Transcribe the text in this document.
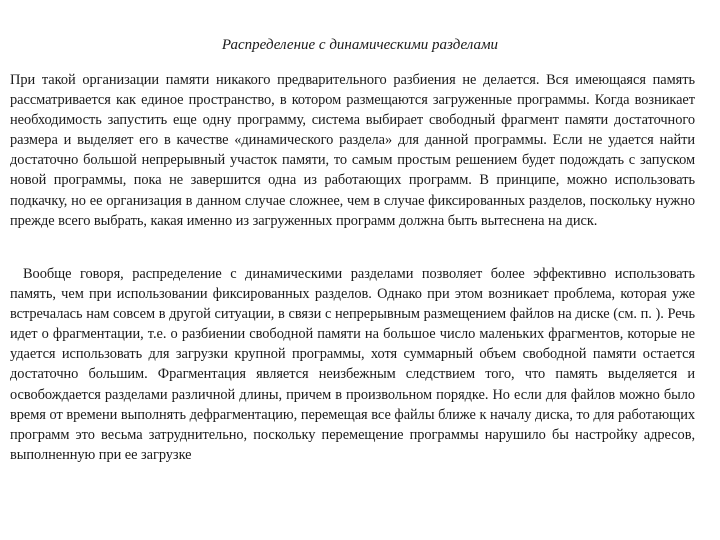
Распределение с динамическими разделами

При такой организации памяти никакого предварительного разбиения не делается. Вся имеющаяся память рассматривается как единое пространство, в котором размещаются загруженные программы. Когда возникает необходимость запустить еще одну программу, система выбирает свободный фрагмент памяти достаточного размера и выделяет его в качестве «динамического раздела» для данной программы. Если не удается найти достаточно большой непрерывный участок памяти, то самым простым решением будет подождать с запуском новой программы, пока не завершится одна из работающих программ. В принципе, можно использовать подкачку, но ее организация в данном случае сложнее, чем в случае фиксированных разделов, поскольку нужно прежде всего выбрать, какая именно из загруженных программ должна быть вытеснена на диск.

Вообще говоря, распределение с динамическими разделами позволяет более эффективно использовать память, чем при использовании фиксированных разделов. Однако при этом возникает проблема, которая уже встречалась нам совсем в другой ситуации, в связи с непрерывным размещением файлов на диске (см. п. ). Речь идет о фрагментации, т.е. о разбиении свободной памяти на большое число маленьких фрагментов, которые не удается использовать для загрузки крупной программы, хотя суммарный объем свободной памяти остается достаточно большим. Фрагментация является неизбежным следствием того, что память выделяется и освобождается разделами различной длины, причем в произвольном порядке. Но если для файлов можно было время от времени выполнять дефрагментацию, перемещая все файлы ближе к началу диска, то для работающих программ это весьма затруднительно, поскольку перемещение программы нарушило бы настройку адресов, выполненную при ее загрузке
